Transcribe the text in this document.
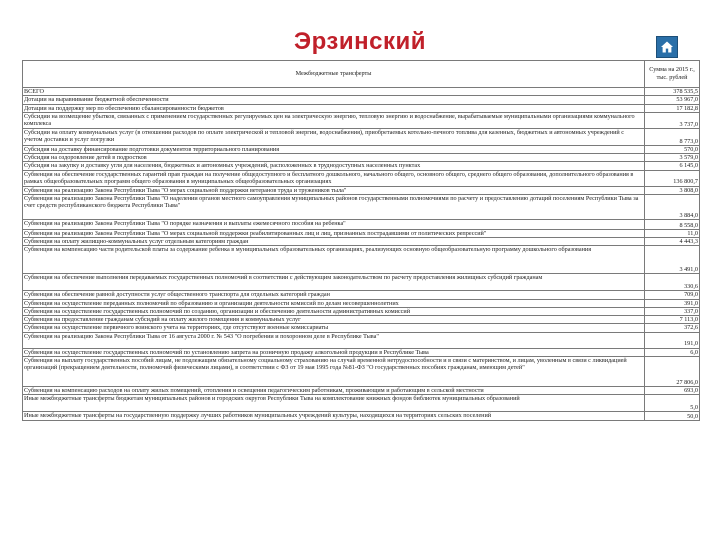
Эрзинский
Межбюджетные трансферты	Сумма на 2015 г.,
тыс. рублей

ВСЕГО	378 535,5
Дотации на выравнивание бюджетной обеспеченности	53 967,0
Дотации на поддержку мер по обеспечению сбалансированности бюджетов	17 182,8
Субсидии на возмещение убытков, связанных с применением государственных регулируемых цен на электрическую энергию, тепловую энергию и водоснабжение, вырабатываемые муниципальными организациями коммунального комплекса	3 737,0
Субсидии на оплату коммунальных услуг (в отношении расходов по оплате электрической и тепловой энергии, водоснабжения), приобретаемых котельно-печного топлива для казенных, бюджетных и автономных учреждений с учетом доставки и услуг погрузки	8 773,0
Субсидия на доставку финансирование подготовки документов территориального планирования	570,0
Субсидия на оздоровление детей в подростков	3 579,0
Субсидия на закупку и доставку угля для населения, бюджетных и автономных учреждений, расположенных в труднодоступных населенных пунктах	6 145,0
Субвенция на обеспечение государственных гарантий прав граждан на получение общедоступного и бесплатного дошкольного, начального общего, основного общего, среднего общего образования, дополнительного образования в рамках общеобразовательных программ общего образования в муниципальных общеобразовательных организациях	136 800,7
Субвенция на реализацию Закона Республики Тыва "О мерах социальной поддержки ветеранов труда и тружеников тыла"	3 808,0
Субвенция на реализацию Закона Республики Тыва "О наделении органов местного самоуправления муниципальных районов государственными полномочиями по расчету и предоставлению дотаций поселениям Республики Тыва за счет средств республиканского бюджета Республики Тыва"	3 884,0
Субвенция на реализацию Закона Республики Тыва "О порядке назначения и выплаты ежемесячного пособия на ребенка"	8 558,0
Субвенция на реализацию Закона Республики Тыва "О мерах социальной поддержки реабилитированных лиц и лиц, признанных пострадавшими от политических репрессий"	11,0
Субвенция на оплату жилищно-коммунальных услуг отдельным категориям граждан	4 443,3
Субвенция на компенсацию части родительской платы за содержание ребенка в муниципальных образовательных организациях, реализующих основную общеобразовательную программу дошкольного образования	3 491,0
Субвенция на обеспечение выполнения передаваемых государственных полномочий в соответствии с действующим законодательством по расчету предоставления жилищных субсидий гражданам	330,6
Субвенция на обеспечение равной доступности услуг общественного транспорта для отдельных категорий граждан	709,0
Субвенция на осуществление переданных полномочий по образованию и организации деятельности комиссий по делам несовершеннолетних	391,0
Субвенция на осуществление государственных полномочий по созданию, организации и обеспечению деятельности административных комиссий	337,0
Субвенция на предоставление гражданам субсидий на оплату жилого помещения и коммунальных услуг	7 113,0
Субвенция на осуществление первичного воинского учета на территориях, где отсутствуют военные комиссариаты	372,6
Субвенция на реализацию Закона Республики Тыва от 16 августа 2000 г. № 543 "О погребении и похоронном деле в Республике Тыва"	191,0
Субвенция на осуществление государственных полномочий по установлению запрета на розничную продажу алкогольной продукции в Республике Тыва	6,0
Субвенция на выплату государственных пособий лицам, не подлежащим обязательному социальному страхованию на случай временной нетрудоспособности и в связи с материнством, и лицам, уволенным в связи с ликвидацией организаций (прекращением деятельности, полномочий физическими лицами), в соответствии с ФЗ от 19 мая 1995 года №81-ФЗ "О государственных пособиях гражданам, имеющим детей"	27 806,0
Субвенция на компенсацию расходов на оплату жилых помещений, отопления и освещения педагогическим работникам, проживающим и работающим в сельской местности	693,0
Иные межбюджетные трансферты бюджетам муниципальных районов и городских округов Республики Тыва на комплектование книжных фондов библиотек муниципальных образований	5,0
Иные межбюджетные трансферты на государственную поддержку лучших работников муниципальных учреждений культуры, находящихся на территориях сельских поселений	50,0
